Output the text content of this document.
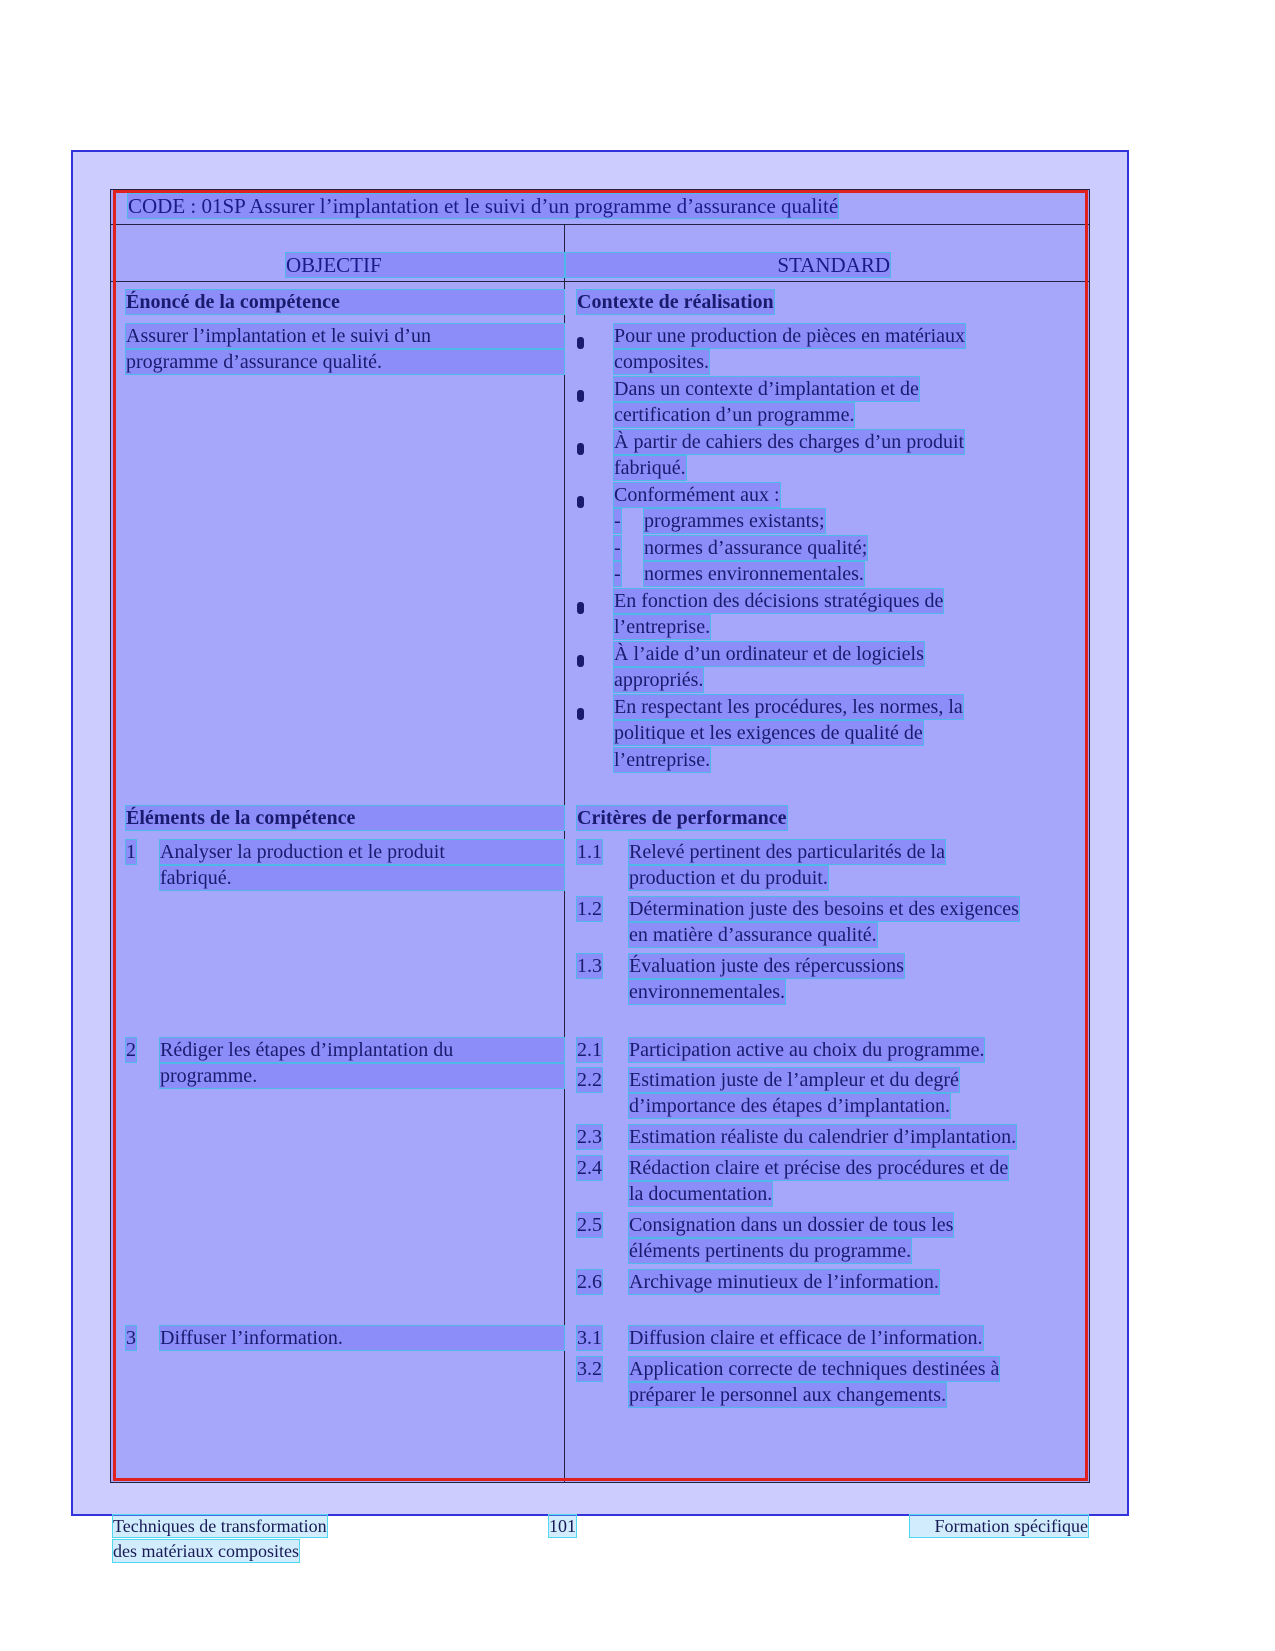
CODE : 01SP Assurer l’implantation et le suivi d’un programme d’assurance qualité
OBJECTIF	STANDARD
Énoncé de la compétence
Assurer l’implantation et le suivi d’un
programme d’assurance qualité.
Contexte de réalisation
Pour une production de pièces en matériaux
composites.
Dans un contexte d’implantation et de
certification d’un programme.
À partir de cahiers des charges d’un produit
fabriqué.
Conformément aux :
- programmes existants;
- normes d’assurance qualité;
- normes environnementales.
En fonction des décisions stratégiques de
l’entreprise.
À l’aide d’un ordinateur et de logiciels
appropriés.
En respectant les procédures, les normes, la
politique et les exigences de qualité de
l’entreprise.
Éléments de la compétence
1 Analyser la production et le produit
fabriqué.
2 Rédiger les étapes d’implantation du
programme.
3 Diffuser l’information.
Critères de performance
1.1 Relevé pertinent des particularités de la
production et du produit.
1.2 Détermination juste des besoins et des exigences
en matière d’assurance qualité.
1.3 Évaluation juste des répercussions
environnementales.
2.1 Participation active au choix du programme.
2.2 Estimation juste de l’ampleur et du degré
d’importance des étapes d’implantation.
2.3 Estimation réaliste du calendrier d’implantation.
2.4 Rédaction claire et précise des procédures et de
la documentation.
2.5 Consignation dans un dossier de tous les
éléments pertinents du programme.
2.6 Archivage minutieux de l’information.
3.1 Diffusion claire et efficace de l’information.
3.2 Application correcte de techniques destinées à
préparer le personnel aux changements.
Techniques de transformation
des matériaux composites
101	Formation spécifique
